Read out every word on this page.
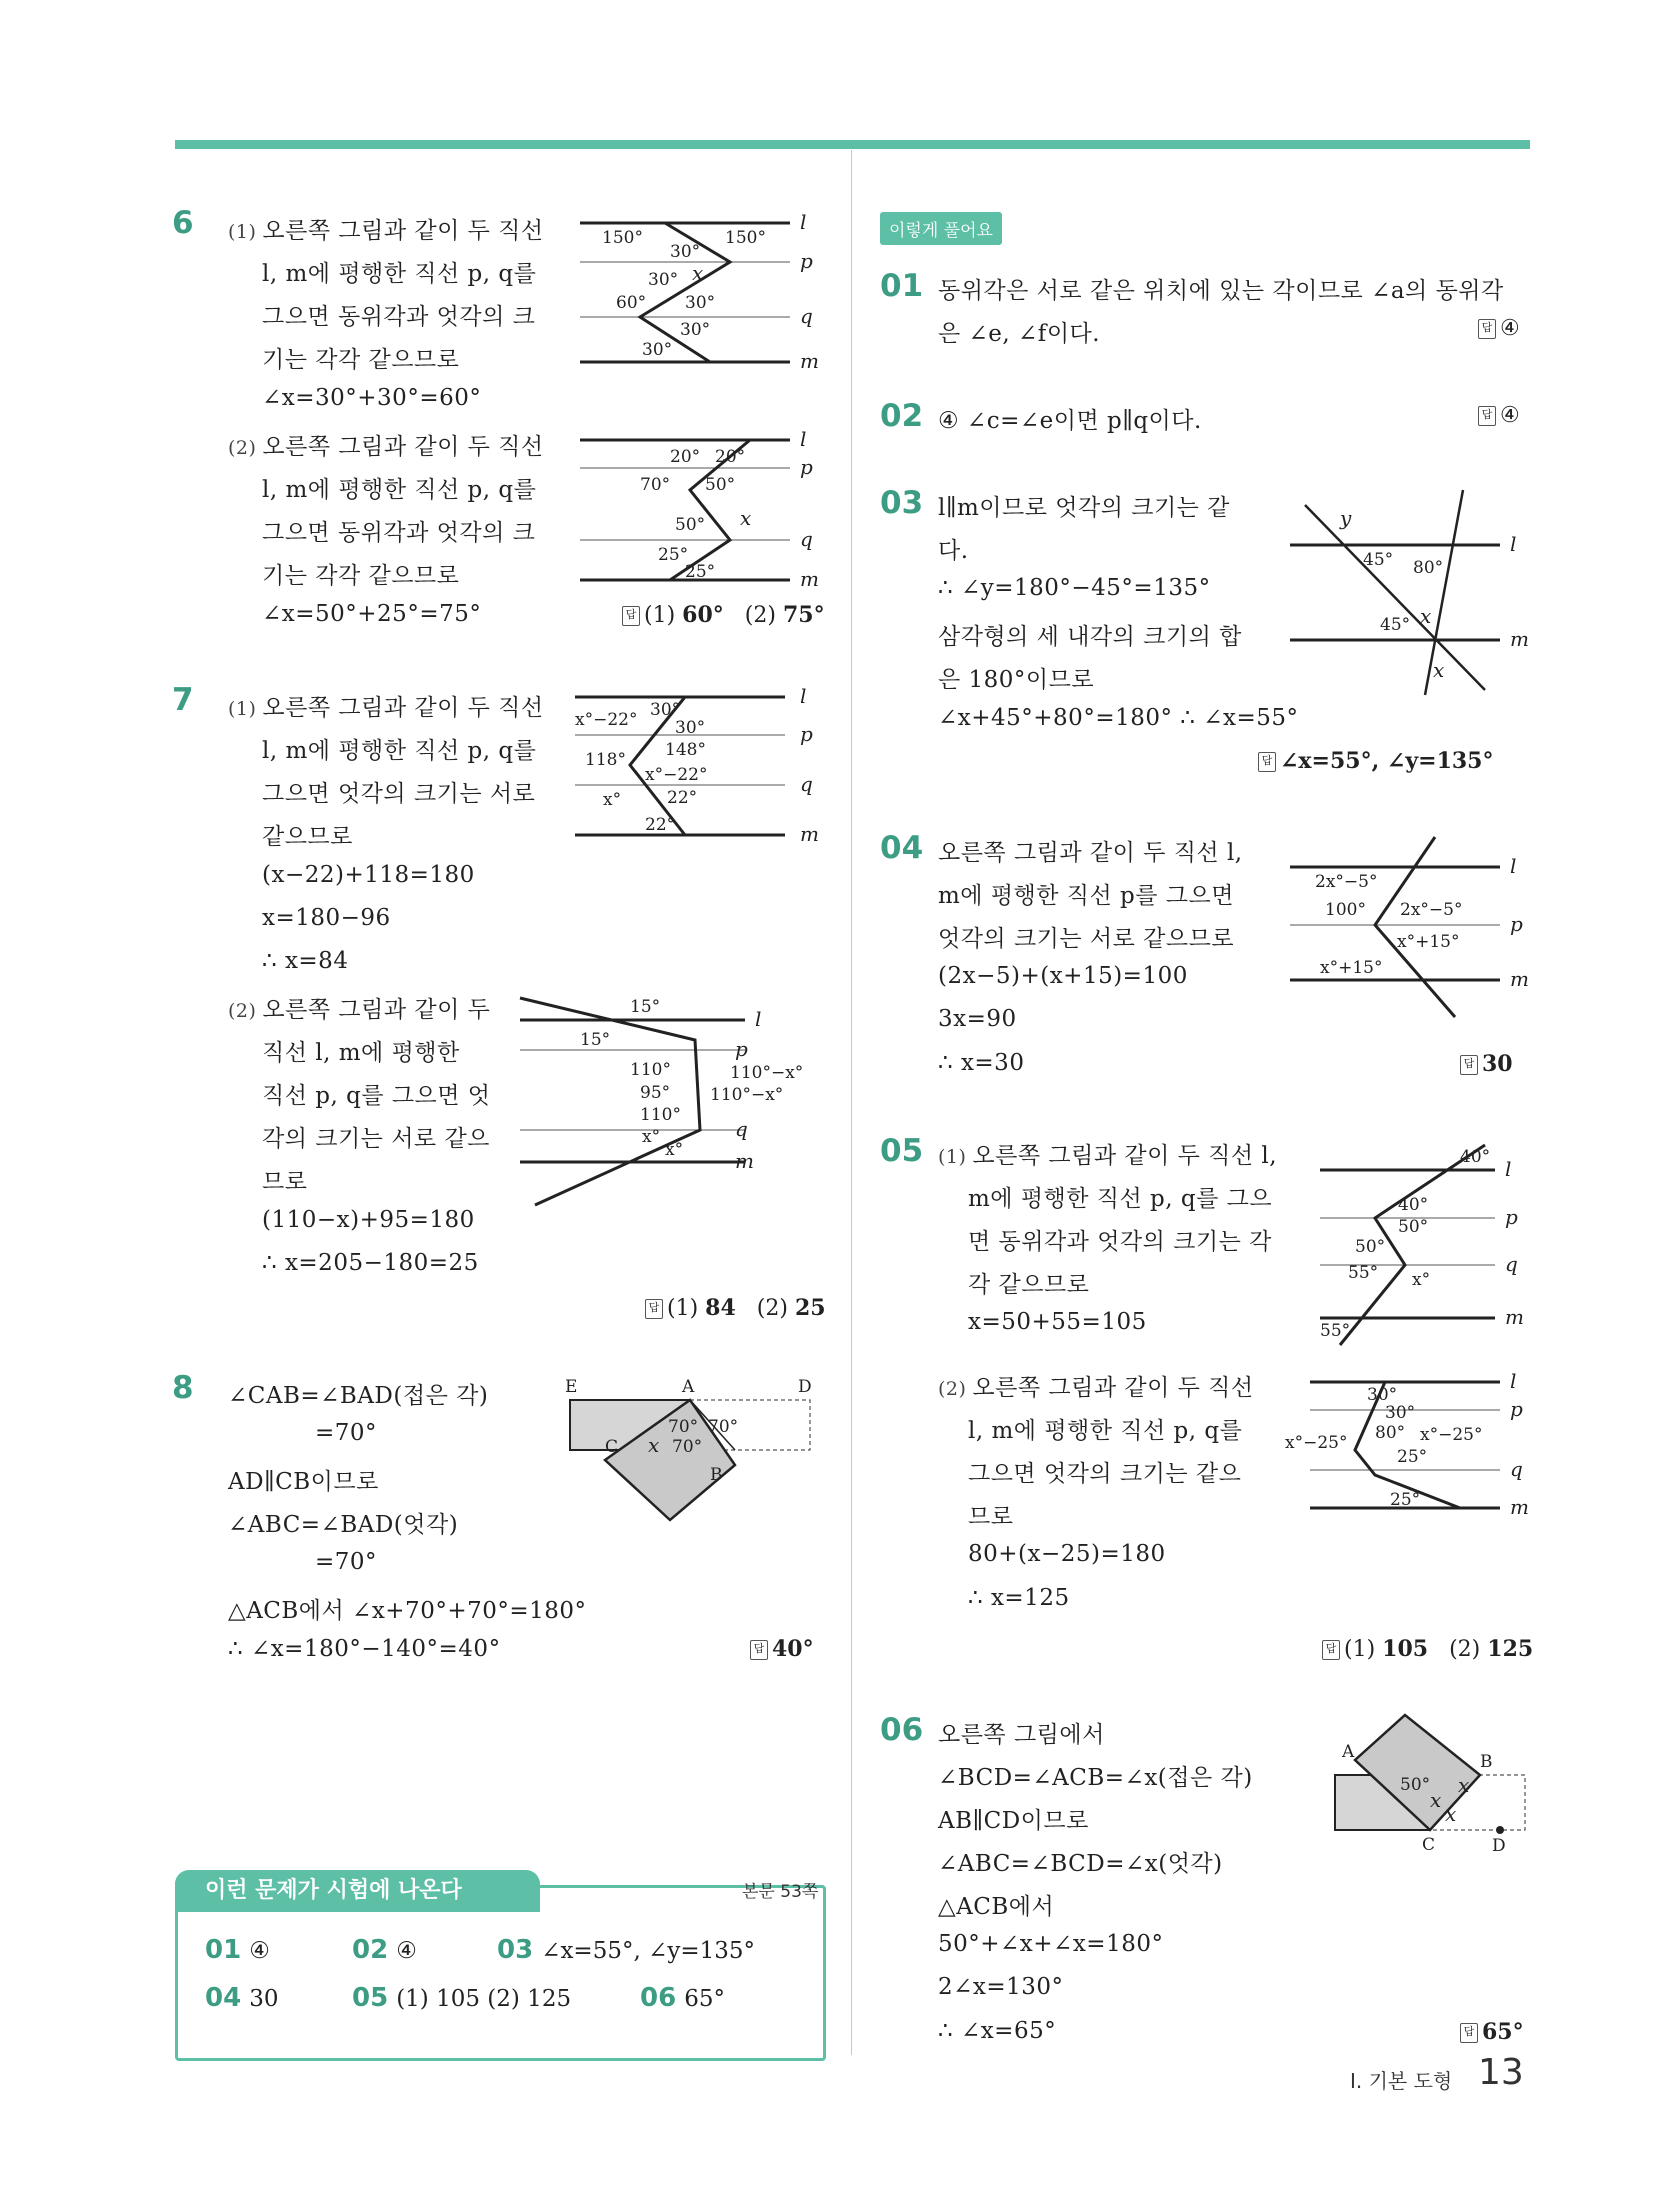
6 (1) 오른쪽 그림과 같이 두 직선
l, m에 평행한 직선 p, q를
그으면 동위각과 엇각의 크
기는 각각 같으므로
∠x=30°+30°=60°
(2) 오른쪽 그림과 같이 두 직선
l, m에 평행한 직선 p, q를
그으면 동위각과 엇각의 크
기는 각각 같으므로
∠x=50°+25°=75°	답 (1) 60° (2) 75°
l
p
q
m
150°	150°
30°
30°
60° 30°
30°
30°
x
l
p
q
m
20° 20°
70° 50°
50°
25°
25°
x
7 (1) 오른쪽 그림과 같이 두 직선
l, m에 평행한 직선 p, q를
그으면 엇각의 크기는 서로
같으므로
(x−22)+118=180
x=180−96
∴ x=84
(2) 오른쪽 그림과 같이 두
직선 l, m에 평행한
직선 p, q를 그으면 엇
각의 크기는 서로 같으
므로
(110−x)+95=180
∴ x=205−180=25
답 (1) 84 (2) 25
l
p
q
m
x°−22° 30°
30°
148°
118°
x°−22°
22°
x°
22°
l
p
q
m
15°
15°
110°	110°−x°
95° 110°−x°
110°
x°
x°
8 ∠CAB=∠BAD(접은 각)
=70°
AD∥CB이므로
∠ABC=∠BAD(엇각)
=70°
△ACB에서 ∠x+70°+70°=180°
∴ ∠x=180°−140°=40°	답 40°
E	A	D
C
B
70°
70°
70°
x
이런 문제가 시험에 나온다	본문 53쪽
01 ④	02 ④	03 ∠x=55°, ∠y=135°
04 30	05 (1) 105 (2) 125	06 65°
이렇게 풀어요
01 동위각은 서로 같은 위치에 있는 각이므로 ∠a의 동위각
은 ∠e, ∠f이다.	답 ④
02 ④ ∠c=∠e이면 p∥q이다.	답 ④
03 l∥m이므로 엇각의 크기는 같
다.
∴ ∠y=180°−45°=135°
삼각형의 세 내각의 크기의 합
은 180°이므로
∠x+45°+80°=180° ∴ ∠x=55°
답 ∠x=55°, ∠y=135°
l
m
y
45° 80°
45° x
x
04 오른쪽 그림과 같이 두 직선 l,
m에 평행한 직선 p를 그으면
엇각의 크기는 서로 같으므로
(2x−5)+(x+15)=100
3x=90
∴ x=30	답 30
l
p
m
2x°−5°
100° 2x°−5°
x°+15°
x°+15°
05 (1) 오른쪽 그림과 같이 두 직선 l,
m에 평행한 직선 p, q를 그으
면 동위각과 엇각의 크기는 각
각 같으므로
x=50+55=105
(2) 오른쪽 그림과 같이 두 직선
l, m에 평행한 직선 p, q를
그으면 엇각의 크기는 같으
므로
80+(x−25)=180
∴ x=125
답 (1) 105 (2) 125
l
p
q
m
40°
40°
50°
50°
55° x°
55°
l
p
q
m
30°
30°
x°−25° 80° x°−25°
25°
25°
06 오른쪽 그림에서
∠BCD=∠ACB=∠x(접은 각)
AB∥CD이므로
∠ABC=∠BCD=∠x(엇각)
△ACB에서
50°+∠x+∠x=180°
2∠x=130°
∴ ∠x=65°	답 65°
A	B
C	D
50° x
x
x
I. 기본 도형 13
